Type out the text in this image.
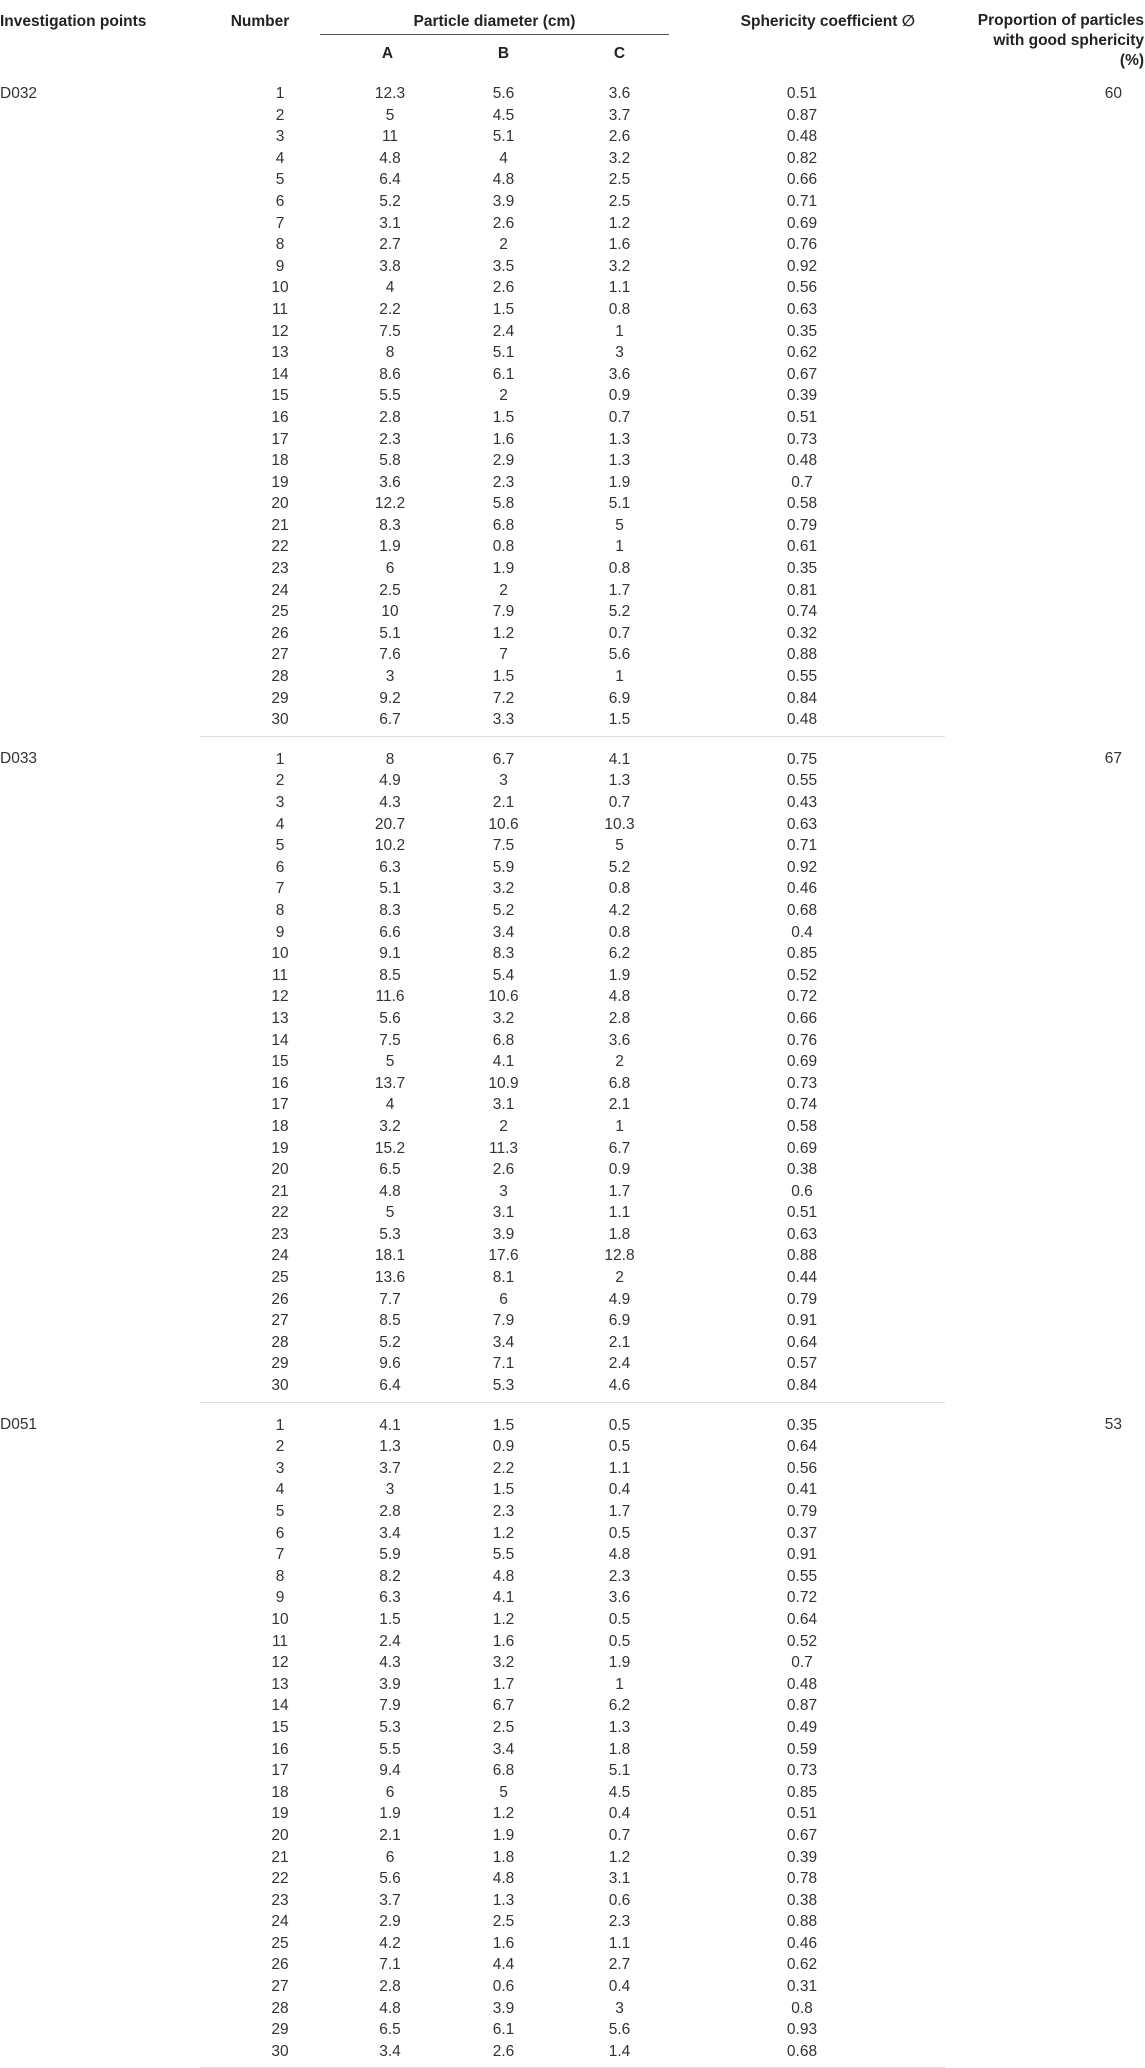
Investigation points	Number	Particle diameter (cm)			Sphericity coefficient ∅	Proportion of particles
with good sphericity
(%)
		A	B	C		
D032	1	12.3	5.6	3.6	0.51	60
	2	5	4.5	3.7	0.87	
	3	11	5.1	2.6	0.48	
	4	4.8	4	3.2	0.82	
	5	6.4	4.8	2.5	0.66	
	6	5.2	3.9	2.5	0.71	
	7	3.1	2.6	1.2	0.69	
	8	2.7	2	1.6	0.76	
	9	3.8	3.5	3.2	0.92	
	10	4	2.6	1.1	0.56	
	11	2.2	1.5	0.8	0.63	
	12	7.5	2.4	1	0.35	
	13	8	5.1	3	0.62	
	14	8.6	6.1	3.6	0.67	
	15	5.5	2	0.9	0.39	
	16	2.8	1.5	0.7	0.51	
	17	2.3	1.6	1.3	0.73	
	18	5.8	2.9	1.3	0.48	
	19	3.6	2.3	1.9	0.7	
	20	12.2	5.8	5.1	0.58	
	21	8.3	6.8	5	0.79	
	22	1.9	0.8	1	0.61	
	23	6	1.9	0.8	0.35	
	24	2.5	2	1.7	0.81	
	25	10	7.9	5.2	0.74	
	26	5.1	1.2	0.7	0.32	
	27	7.6	7	5.6	0.88	
	28	3	1.5	1	0.55	
	29	9.2	7.2	6.9	0.84	
	30	6.7	3.3	1.5	0.48	
D033	1	8	6.7	4.1	0.75	67
	2	4.9	3	1.3	0.55	
	3	4.3	2.1	0.7	0.43	
	4	20.7	10.6	10.3	0.63	
	5	10.2	7.5	5	0.71	
	6	6.3	5.9	5.2	0.92	
	7	5.1	3.2	0.8	0.46	
	8	8.3	5.2	4.2	0.68	
	9	6.6	3.4	0.8	0.4	
	10	9.1	8.3	6.2	0.85	
	11	8.5	5.4	1.9	0.52	
	12	11.6	10.6	4.8	0.72	
	13	5.6	3.2	2.8	0.66	
	14	7.5	6.8	3.6	0.76	
	15	5	4.1	2	0.69	
	16	13.7	10.9	6.8	0.73	
	17	4	3.1	2.1	0.74	
	18	3.2	2	1	0.58	
	19	15.2	11.3	6.7	0.69	
	20	6.5	2.6	0.9	0.38	
	21	4.8	3	1.7	0.6	
	22	5	3.1	1.1	0.51	
	23	5.3	3.9	1.8	0.63	
	24	18.1	17.6	12.8	0.88	
	25	13.6	8.1	2	0.44	
	26	7.7	6	4.9	0.79	
	27	8.5	7.9	6.9	0.91	
	28	5.2	3.4	2.1	0.64	
	29	9.6	7.1	2.4	0.57	
	30	6.4	5.3	4.6	0.84	
D051	1	4.1	1.5	0.5	0.35	53
	2	1.3	0.9	0.5	0.64	
	3	3.7	2.2	1.1	0.56	
	4	3	1.5	0.4	0.41	
	5	2.8	2.3	1.7	0.79	
	6	3.4	1.2	0.5	0.37	
	7	5.9	5.5	4.8	0.91	
	8	8.2	4.8	2.3	0.55	
	9	6.3	4.1	3.6	0.72	
	10	1.5	1.2	0.5	0.64	
	11	2.4	1.6	0.5	0.52	
	12	4.3	3.2	1.9	0.7	
	13	3.9	1.7	1	0.48	
	14	7.9	6.7	6.2	0.87	
	15	5.3	2.5	1.3	0.49	
	16	5.5	3.4	1.8	0.59	
	17	9.4	6.8	5.1	0.73	
	18	6	5	4.5	0.85	
	19	1.9	1.2	0.4	0.51	
	20	2.1	1.9	0.7	0.67	
	21	6	1.8	1.2	0.39	
	22	5.6	4.8	3.1	0.78	
	23	3.7	1.3	0.6	0.38	
	24	2.9	2.5	2.3	0.88	
	25	4.2	1.6	1.1	0.46	
	26	7.1	4.4	2.7	0.62	
	27	2.8	0.6	0.4	0.31	
	28	4.8	3.9	3	0.8	
	29	6.5	6.1	5.6	0.93	
	30	3.4	2.6	1.4	0.68	
